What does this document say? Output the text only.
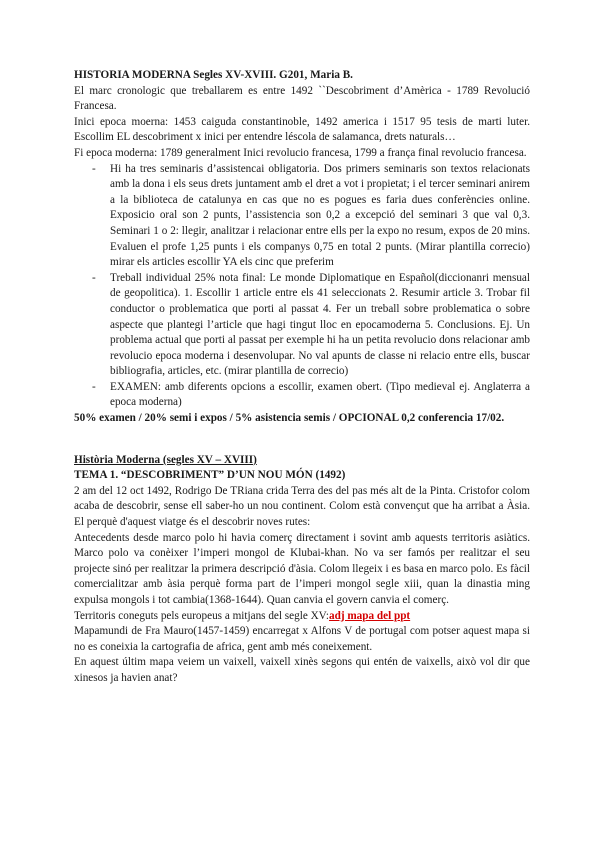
HISTORIA MODERNA Segles XV-XVIII. G201, Maria B.

El marc cronologic que treballarem es entre 1492 ``Descobriment d’Amèrica - 1789 Revolució Francesa.

Inici epoca moerna: 1453 caiguda constantinoble, 1492 america i 1517 95 tesis de marti luter. Escollim EL descobriment x inici per entendre léscola de salamanca, drets naturals…

Fi epoca moderna: 1789 generalment Inici revolucio francesa, 1799 a frança final revolucio francesa.

- Hi ha tres seminaris d’assistencai obligatoria. Dos primers seminaris son textos relacionats amb la dona i els seus drets juntament amb el dret a vot i propietat; i el tercer seminari anirem a la biblioteca de catalunya en cas que no es pogues es faria dues conferències online. Exposicio oral son 2 punts, l’assistencia son 0,2 a excepció del seminari 3 que val 0,3. Seminari 1 o 2: llegir, analitzar i relacionar entre ells per la expo no resum, expos de 20 mins. Evaluen el profe 1,25 punts i els companys 0,75 en total 2 punts. (Mirar plantilla correcio) mirar els articles escollir YA els cinc que preferim
- Treball individual 25% nota final: Le monde Diplomatique en Español(diccionanri mensual de geopolitica). 1. Escollir 1 article entre els 41 seleccionats 2. Resumir article 3. Trobar fil conductor o problematica que porti al passat 4. Fer un treball sobre problematica o sobre aspecte que plantegi l’article que hagi tingut lloc en epocamoderna 5. Conclusions. Ej. Un problema actual que porti al passat per exemple hi ha un petita revolucio dons relacionar amb revolucio epoca moderna i desenvolupar. No val apunts de classe ni relacio entre ells, buscar bibliografia, articles, etc. (mirar plantilla de correcio)
- EXAMEN: amb diferents opcions a escollir, examen obert. (Tipo medieval ej. Anglaterra a epoca moderna)

50% examen / 20% semi i expos / 5% asistencia semis / OPCIONAL 0,2 conferencia 17/02.

Història Moderna (segles XV – XVIII)

TEMA 1. “DESCOBRIMENT” D’UN NOU MÓN (1492)

2 am del 12 oct 1492, Rodrigo De TRiana crida Terra des del pas més alt de la Pinta. Cristofor colom acaba de descobrir, sense ell saber-ho un nou continent. Colom està convençut que ha arribat a Àsia. El perquè d'aquest viatge és el descobrir noves rutes:

Antecedents desde marco polo hi havia comerç directament i sovint amb aquests territoris asiàtics. Marco polo va conèixer l’imperi mongol de Klubai-khan. No va ser famós per realitzar el seu projecte sinó per realitzar la primera descripció d'àsia. Colom llegeix i es basa en marco polo. Es fàcil comercialitzar amb àsia perquè forma part de l’imperi mongol segle xiii, quan la dinastia ming expulsa mongols i tot cambia(1368-1644). Quan canvia el govern canvia el comerç.

Territoris coneguts pels europeus a mitjans del segle XV:adj mapa del ppt

Mapamundi de Fra Mauro(1457-1459) encarregat x Alfons V de portugal com potser aquest mapa si no es coneixia la cartografia de africa, gent amb més coneixement.

En aquest últim mapa veiem un vaixell, vaixell xinès segons qui entén de vaixells, això vol dir que xinesos ja havien anat?
